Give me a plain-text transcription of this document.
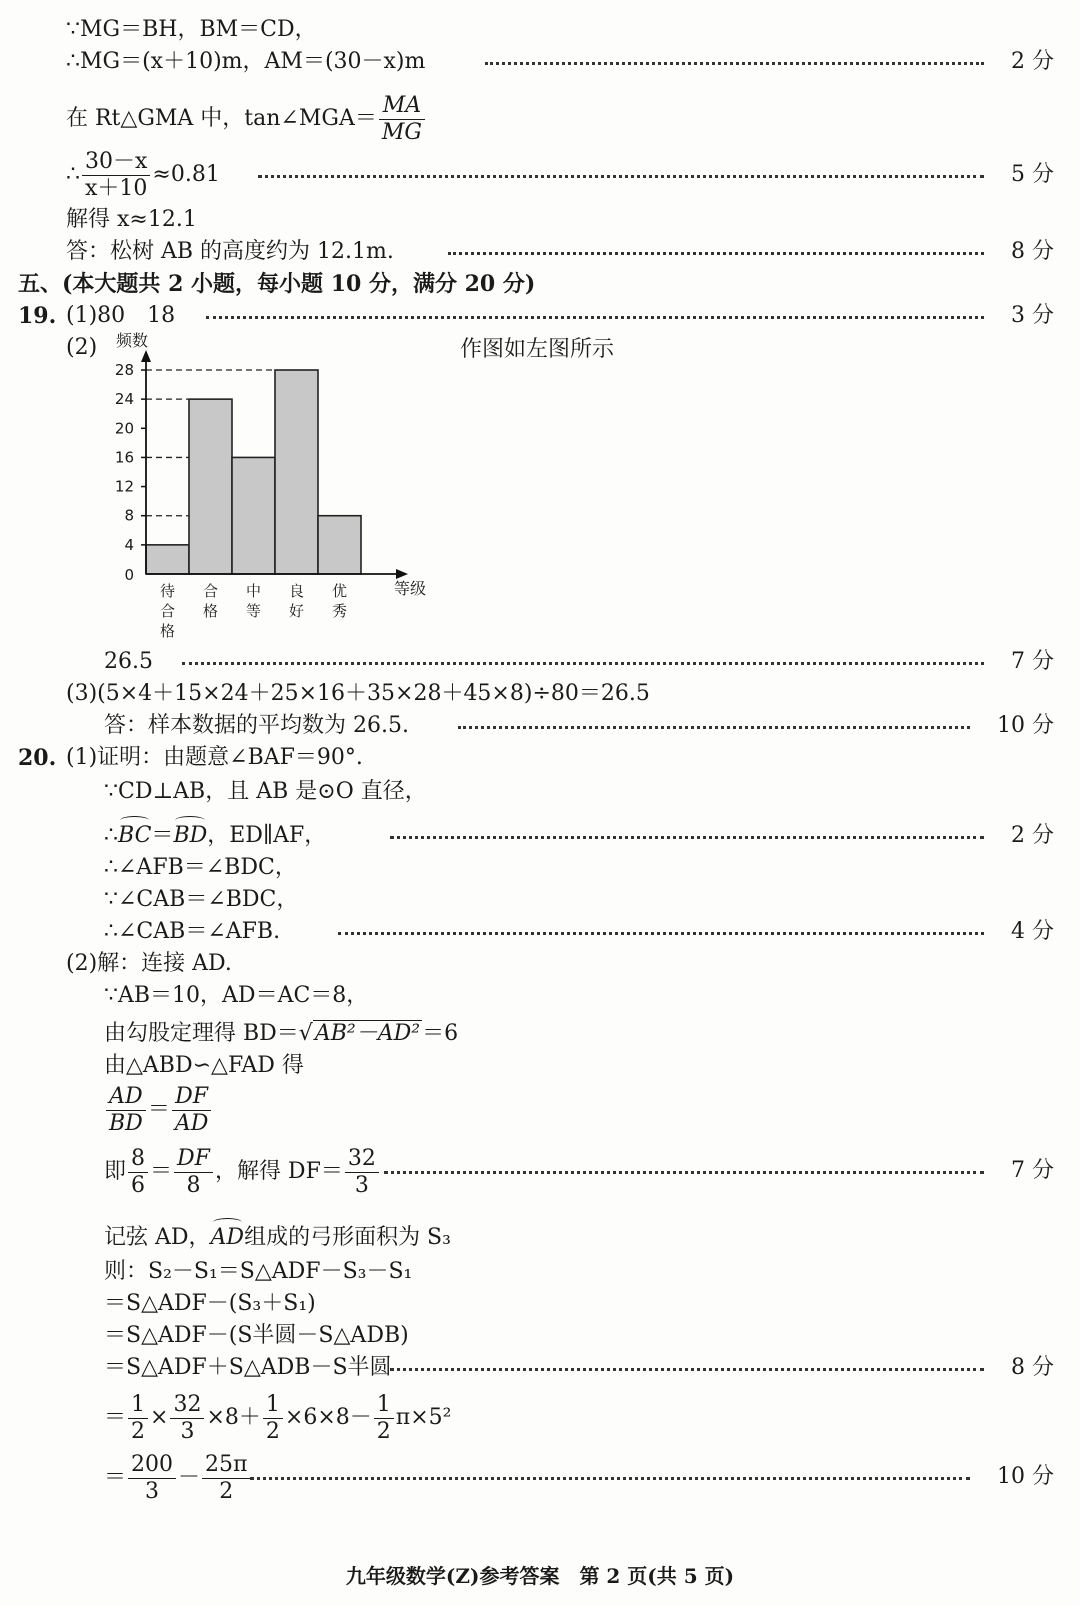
∵MG＝BH，BM＝CD，
∴MG＝(x＋10)m，AM＝(30－x)m	2 分
在 Rt△GMA 中，tan∠MGA＝ $\frac{MA}{MG}$
∴ $\frac{30-x}{x+10} \approx 0.81$	5 分
解得 x≈12.1
答：松树 AB 的高度约为 12.1m.	8 分
五、(本大题共 2 小题，每小题 10 分，满分 20 分)
19. (1)80　18	3 分
(2)	作图如左图所示
待合格
合格
中等
良好
优秀
0
4
8
12
16
20
24
28
频数
等级
26.5	7 分
(3)(5×4＋15×24＋25×16＋35×28＋45×8)÷80＝26.5
答：样本数据的平均数为 26.5.	10 分
20. (1)证明：由题意∠BAF＝90°.
∵CD⊥AB，且 AB 是⊙O 直径，
∴BC＝BD，ED∥AF，	2 分
∴∠AFB＝∠BDC，
∵∠CAB＝∠BDC，
∴∠CAB＝∠AFB.	4 分
(2)解：连接 AD.
∵AB＝10，AD＝AC＝8，
由勾股定理得 BD＝√AB²－AD²＝6
由△ABD∽△FAD 得
$\frac{AD}{BD} = \frac{DF}{AD}$
即 $\frac{8}{6} = \frac{DF}{8}$ ，解得 $DF= \frac{32}{3}$	7 分
记弦 AD，AD组成的弓形面积为 S₃
则：S₂－S₁＝S△ADF－S₃－S₁
＝S△ADF－(S₃＋S₁)
＝S△ADF－(S半圆－S△ADB)
＝S△ADF＋S△ADB－S半圆	8 分
＝ $\frac{1}{2} \times \frac{32}{3} \times 8+ \frac{1}{2} \times 6\times 8- \frac{1}{2} \pi\times 5^2$
＝ $\frac{200}{3} - \frac{25\pi}{2}$	10 分
九年级数学(Z)参考答案　第 2 页(共 5 页)
